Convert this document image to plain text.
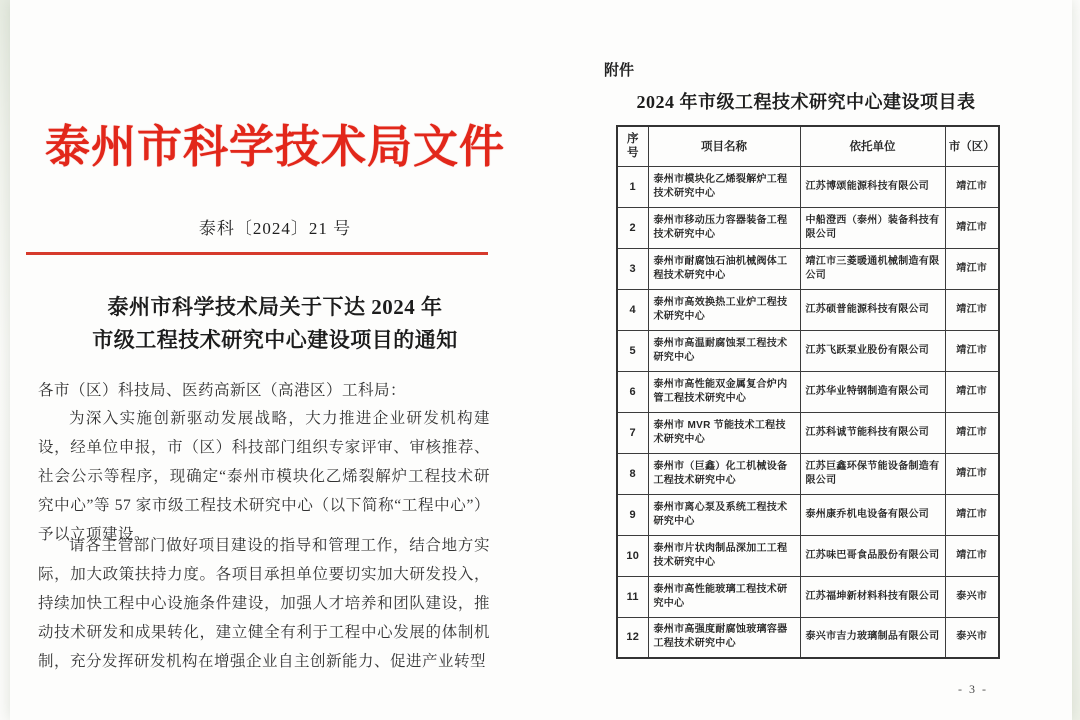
泰州市科学技术局文件
泰科〔2024〕21 号
泰州市科学技术局关于下达 2024 年
市级工程技术研究中心建设项目的通知

各市（区）科技局、医药高新区（高港区）工科局：

为深入实施创新驱动发展战略，大力推进企业研发机构建设，经单位申报，市（区）科技部门组织专家评审、审核推荐、社会公示等程序，现确定“泰州市模块化乙烯裂解炉工程技术研究中心”等 57 家市级工程技术研究中心（以下简称“工程中心”）予以立项建设。

请各主管部门做好项目建设的指导和管理工作，结合地方实际，加大政策扶持力度。各项目承担单位要切实加大研发投入，持续加快工程中心设施条件建设，加强人才培养和团队建设，推动技术研发和成果转化，建立健全有利于工程中心发展的体制机制，充分发挥研发机构在增强企业自主创新能力、促进产业转型

附件
2024 年市级工程技术研究中心建设项目表
序号	项目名称	依托单位	市（区）
1	泰州市模块化乙烯裂解炉工程技术研究中心	江苏博颂能源科技有限公司	靖江市
2	泰州市移动压力容器装备工程技术研究中心	中船澄西（泰州）装备科技有限公司	靖江市
3	泰州市耐腐蚀石油机械阀体工程技术研究中心	靖江市三菱暖通机械制造有限公司	靖江市
4	泰州市高效换热工业炉工程技术研究中心	江苏硕普能源科技有限公司	靖江市
5	泰州市高温耐腐蚀泵工程技术研究中心	江苏飞跃泵业股份有限公司	靖江市
6	泰州市高性能双金属复合炉内管工程技术研究中心	江苏华业特钢制造有限公司	靖江市
7	泰州市 MVR 节能技术工程技术研究中心	江苏科诚节能科技有限公司	靖江市
8	泰州市（巨鑫）化工机械设备工程技术研究中心	江苏巨鑫环保节能设备制造有限公司	靖江市
9	泰州市离心泵及系统工程技术研究中心	泰州康乔机电设备有限公司	靖江市
10	泰州市片状肉制品深加工工程技术研究中心	江苏味巴哥食品股份有限公司	靖江市
11	泰州市高性能玻璃工程技术研究中心	江苏福坤新材料科技有限公司	泰兴市
12	泰州市高强度耐腐蚀玻璃容器工程技术研究中心	泰兴市吉力玻璃制品有限公司	泰兴市
- 3 -
